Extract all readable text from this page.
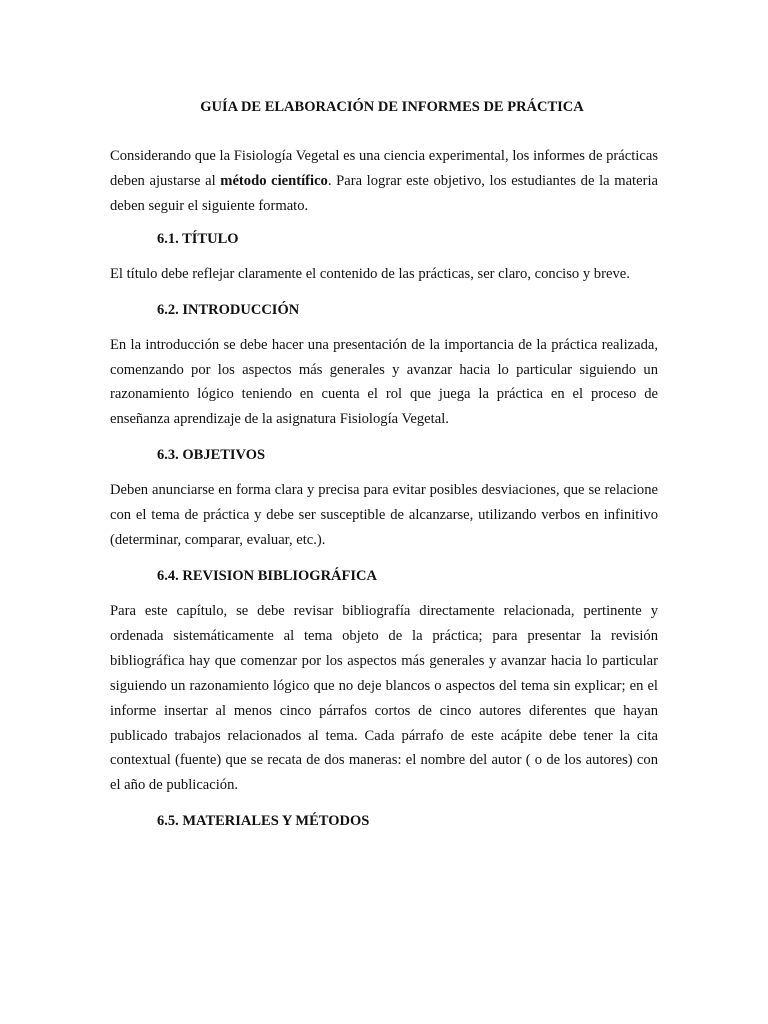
GUÍA DE ELABORACIÓN DE INFORMES DE PRÁCTICA

Considerando que la Fisiología Vegetal es una ciencia experimental, los informes de prácticas deben ajustarse al método científico. Para lograr este objetivo, los estudiantes de la materia deben seguir el siguiente formato.

6.1. TÍTULO

El título debe reflejar claramente el contenido de las prácticas, ser claro, conciso y breve.

6.2. INTRODUCCIÓN

En la introducción se debe hacer una presentación de la importancia de la práctica realizada, comenzando por los aspectos más generales y avanzar hacia lo particular siguiendo un razonamiento lógico teniendo en cuenta el rol que juega la práctica en el proceso de enseñanza aprendizaje de la asignatura Fisiología Vegetal.

6.3. OBJETIVOS

Deben anunciarse en forma clara y precisa para evitar posibles desviaciones, que se relacione con el tema de práctica y debe ser susceptible de alcanzarse, utilizando verbos en infinitivo (determinar, comparar, evaluar, etc.).

6.4. REVISION BIBLIOGRÁFICA

Para este capítulo, se debe revisar bibliografía directamente relacionada, pertinente y ordenada sistemáticamente al tema objeto de la práctica; para presentar la revisión bibliográfica hay que comenzar por los aspectos más generales y avanzar hacia lo particular siguiendo un razonamiento lógico que no deje blancos o aspectos del tema sin explicar; en el informe insertar al menos cinco párrafos cortos de cinco autores diferentes que hayan publicado trabajos relacionados al tema. Cada párrafo de este acápite debe tener la cita contextual (fuente) que se recata de dos maneras: el nombre del autor ( o de los autores) con el año de publicación.

6.5. MATERIALES Y MÉTODOS
